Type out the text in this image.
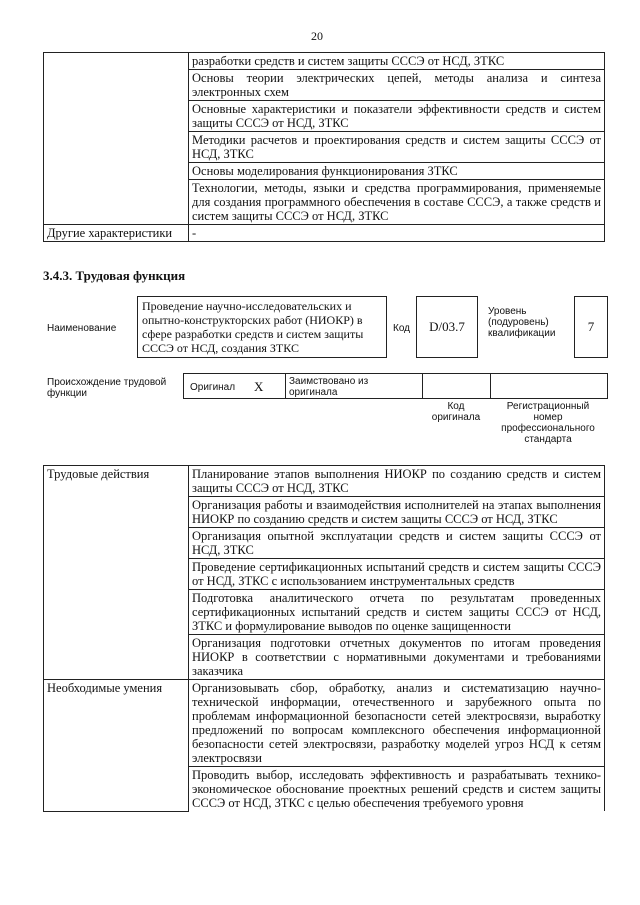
20
	разработки средств и систем защиты СССЭ от НСД, ЗТКС
	Основы теории электрических цепей, методы анализа и синтеза электронных схем
	Основные характеристики и показатели эффективности средств и систем защиты СССЭ от НСД, ЗТКС
	Методики расчетов и проектирования средств и систем защиты СССЭ от НСД, ЗТКС
	Основы моделирования функционирования ЗТКС
	Технологии, методы, языки и средства программирования, применяемые для создания программного обеспечения в составе СССЭ, а также средств и систем защиты СССЭ от НСД, ЗТКС
Другие характеристики	-
3.4.3. Трудовая функция
Наименование
Проведение научно-исследовательских и опытно-конструкторских работ (НИОКР) в сфере разработки средств и систем защиты СССЭ от НСД, создания ЗТКС
Код D/03.7
Уровень (подуровень) квалификации	7
Происхождение трудовой функции
Оригинал X	Заимствовано из оригинала
Код оригинала
Регистрационный номер профессионального стандарта
Трудовые действия	Планирование этапов выполнения НИОКР по созданию средств и систем защиты СССЭ от НСД, ЗТКС
	Организация работы и взаимодействия исполнителей на этапах выполнения НИОКР по созданию средств и систем защиты СССЭ от НСД, ЗТКС
	Организация опытной эксплуатации средств и систем защиты СССЭ от НСД, ЗТКС
	Проведение сертификационных испытаний средств и систем защиты СССЭ от НСД, ЗТКС с использованием инструментальных средств
	Подготовка аналитического отчета по результатам проведенных сертификационных испытаний средств и систем защиты СССЭ от НСД, ЗТКС и формулирование выводов по оценке защищенности
	Организация подготовки отчетных документов по итогам проведения НИОКР в соответствии с нормативными документами и требованиями заказчика
Необходимые умения	Организовывать сбор, обработку, анализ и систематизацию научно-технической информации, отечественного и зарубежного опыта по проблемам информационной безопасности сетей электросвязи, выработку предложений по вопросам комплексного обеспечения информационной безопасности сетей электросвязи, разработку моделей угроз НСД к сетям электросвязи
	Проводить выбор, исследовать эффективность и разрабатывать технико-экономическое обоснование проектных решений средств и систем защиты СССЭ от НСД, ЗТКС с целью обеспечения требуемого уровня
